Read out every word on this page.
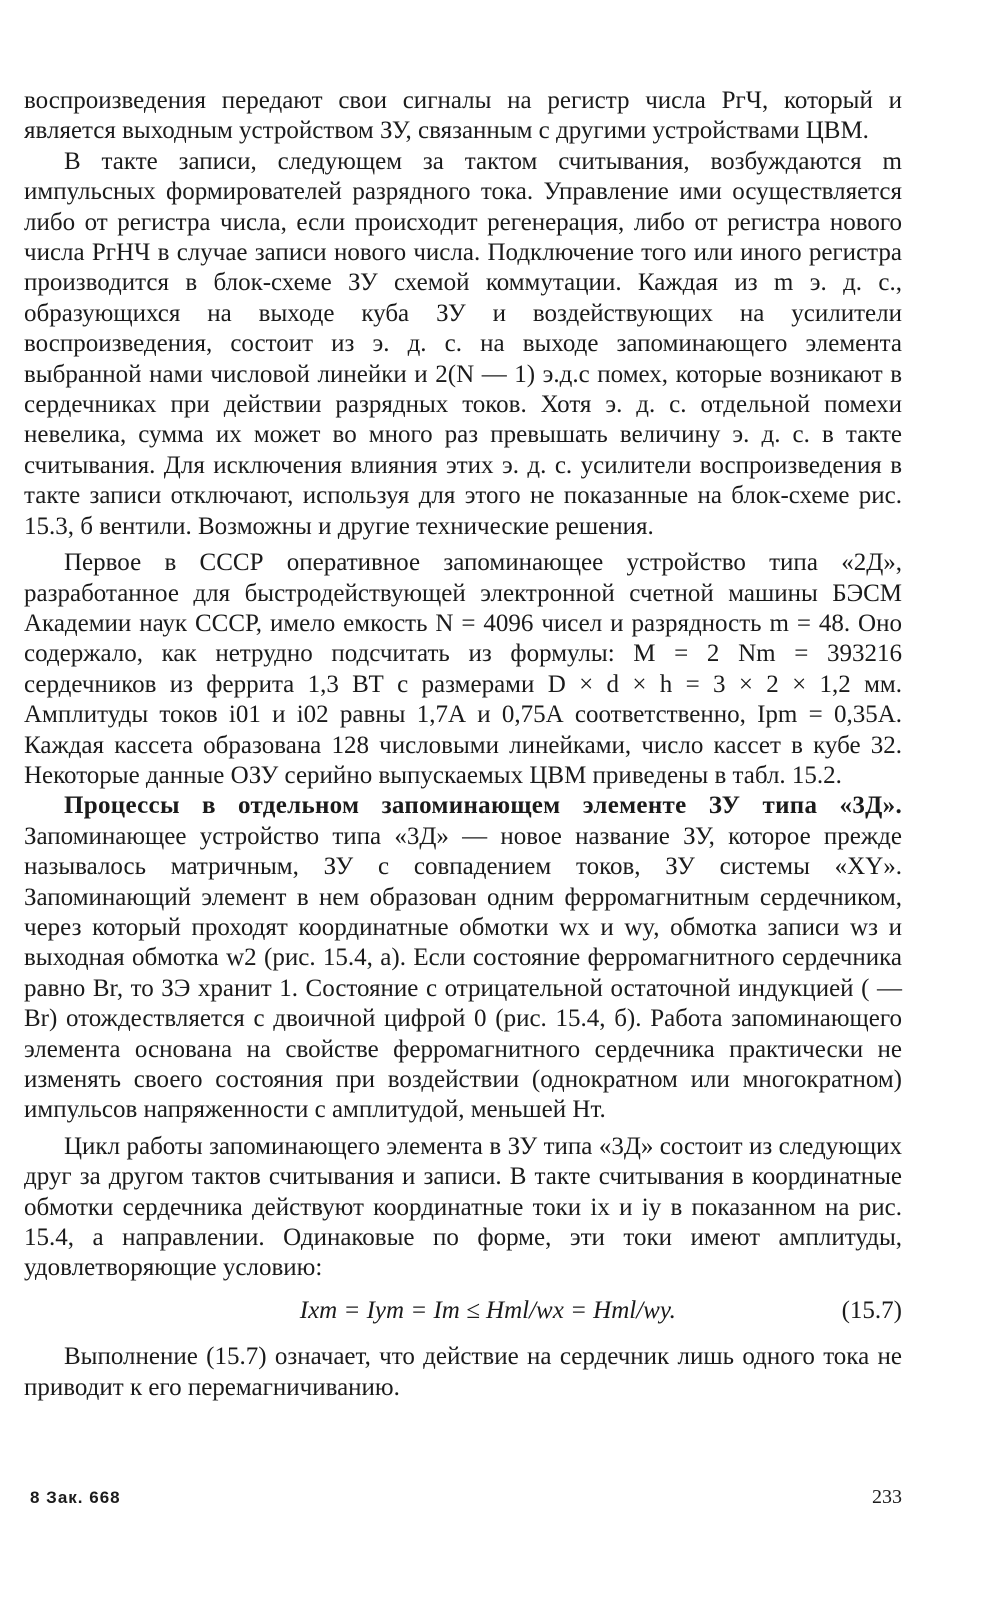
воспроизведения передают свои сигналы на регистр числа РгЧ, который и является выходным устройством ЗУ, связанным с другими устройствами ЦВМ.

В такте записи, следующем за тактом считывания, возбуждаются m импульсных формирователей разрядного тока. Управление ими осуществляется либо от регистра числа, если происходит регенерация, либо от регистра нового числа РгНЧ в случае записи нового числа. Подключение того или иного регистра производится в блок-схеме ЗУ схемой коммутации. Каждая из m э. д. с., образующихся на выходе куба ЗУ и воздействующих на усилители воспроизведения, состоит из э. д. с. на выходе запоминающего элемента выбранной нами числовой линейки и 2(N — 1) э.д.с помех, которые возникают в сердечниках при действии разрядных токов. Хотя э. д. с. отдельной помехи невелика, сумма их может во много раз превышать величину э. д. с. в такте считывания. Для исключения влияния этих э. д. с. усилители воспроизведения в такте записи отключают, используя для этого не показанные на блок-схеме рис. 15.3, б вентили. Возможны и другие технические решения.

Первое в СССР оперативное запоминающее устройство типа «2Д», разработанное для быстродействующей электронной счетной машины БЭСМ Академии наук СССР, имело емкость N = 4096 чисел и разрядность m = 48. Оно содержало, как нетрудно подсчитать из формулы: M = 2 Nm = 393216 сердечников из феррита 1,3 ВТ с размерами D × d × h = 3 × 2 × 1,2 мм. Амплитуды токов i01 и i02 равны 1,7А и 0,75А соответственно, Ipm = 0,35А. Каждая кассета образована 128 числовыми линейками, число кассет в кубе 32. Некоторые данные ОЗУ серийно выпускаемых ЦВМ приведены в табл. 15.2.

Процессы в отдельном запоминающем элементе ЗУ типа «3Д». Запоминающее устройство типа «3Д» — новое название ЗУ, которое прежде называлось матричным, ЗУ с совпадением токов, ЗУ системы «XY». Запоминающий элемент в нем образован одним ферромагнитным сердечником, через который проходят координатные обмотки wx и wy, обмотка записи wз и выходная обмотка w2 (рис. 15.4, а). Если состояние ферромагнитного сердечника равно Br, то ЗЭ хранит 1. Состояние с отрицательной остаточной индукцией ( — Br) отождествляется с двоичной цифрой 0 (рис. 15.4, б). Работа запоминающего элемента основана на свойстве ферромагнитного сердечника практически не изменять своего состояния при воздействии (однократном или многократном) импульсов напряженности с амплитудой, меньшей Hт.

Цикл работы запоминающего элемента в ЗУ типа «3Д» состоит из следующих друг за другом тактов считывания и записи. В такте считывания в координатные обмотки сердечника действуют координатные токи ix и iy в показанном на рис. 15.4, а направлении. Одинаковые по форме, эти токи имеют амплитуды, удовлетворяющие условию:

Ixm = Iym = Im ≤ Hтl/wx = Hтl/wy.	(15.7)

Выполнение (15.7) означает, что действие на сердечник лишь одного тока не приводит к его перемагничиванию.

8 Зак. 668	233
